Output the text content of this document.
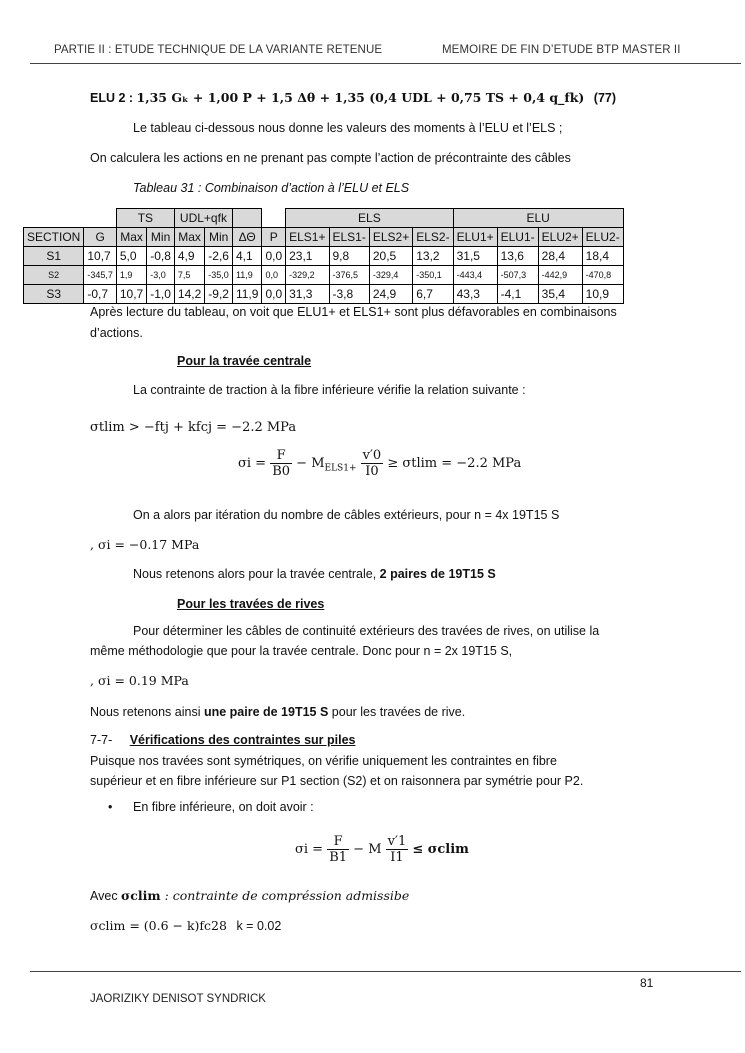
PARTIE II : ETUDE TECHNIQUE DE LA VARIANTE RETENUE	MEMOIRE DE FIN D’ETUDE BTP MASTER II
ELU 2 : 1,35 Gₖ + 1,00 P + 1,5 Δθ + 1,35 (0,4 UDL + 0,75 TS + 0,4 q_fk) (77)
Le tableau ci-dessous nous donne les valeurs des moments à l’ELU et l’ELS ;
On calculera les actions en ne prenant pas compte l’action de précontrainte des câbles
Tableau 31 : Combinaison d’action à l’ELU et ELS
		TS		UDL+qfk				ELS				ELU			
SECTION	G	Max	Min	Max	Min	ΔΘ	P	ELS1+	ELS1-	ELS2+	ELS2-	ELU1+	ELU1-	ELU2+	ELU2-
S1	10,7	5,0	-0,8	4,9	-2,6	4,1	0,0	23,1	9,8	20,5	13,2	31,5	13,6	28,4	18,4
S2	-345,7	1,9	-3,0	7,5	-35,0	11,9	0,0	-329,2	-376,5	-329,4	-350,1	-443,4	-507,3	-442,9	-470,8
S3	-0,7	10,7	-1,0	14,2	-9,2	11,9	0,0	31,3	-3,8	24,9	6,7	43,3	-4,1	35,4	10,9
Après lecture du tableau, on voit que ELU1+ et ELS1+ sont plus défavorables en combinaisons
d’actions.
Pour la travée centrale
La contrainte de traction à la fibre inférieure vérifie la relation suivante :
σtlim > −ftj + kfcj = −2.2 MPa
$\sigma i = \frac{F}{B0} - M_{ELS1+} \frac{v'0}{I0} \ge \sigma tlim = -2.2$ MPa
On a alors par itération du nombre de câbles extérieurs, pour n = 4x 19T15 S
, σi = −0.17 MPa
Nous retenons alors pour la travée centrale, 2 paires de 19T15 S
Pour les travées de rives
Pour déterminer les câbles de continuité extérieurs des travées de rives, on utilise la
même méthodologie que pour la travée centrale. Donc pour n = 2x 19T15 S,
, σi = 0.19 MPa
Nous retenons ainsi une paire de 19T15 S pour les travées de rive.
7-7- Vérifications des contraintes sur piles
Puisque nos travées sont symétriques, on vérifie uniquement les contraintes en fibre
supérieur et en fibre inférieure sur P1 section (S2) et on raisonnera par symétrie pour P2.
• En fibre inférieure, on doit avoir :
$\sigma i = \frac{F}{B1} - M \frac{v'1}{I1} \le \sigma clim$
Avec σclim : contrainte de compréssion admissibe
σclim = (0.6 − k)fc28 k = 0.02
81
JAORIZIKY DENISOT SYNDRICK
